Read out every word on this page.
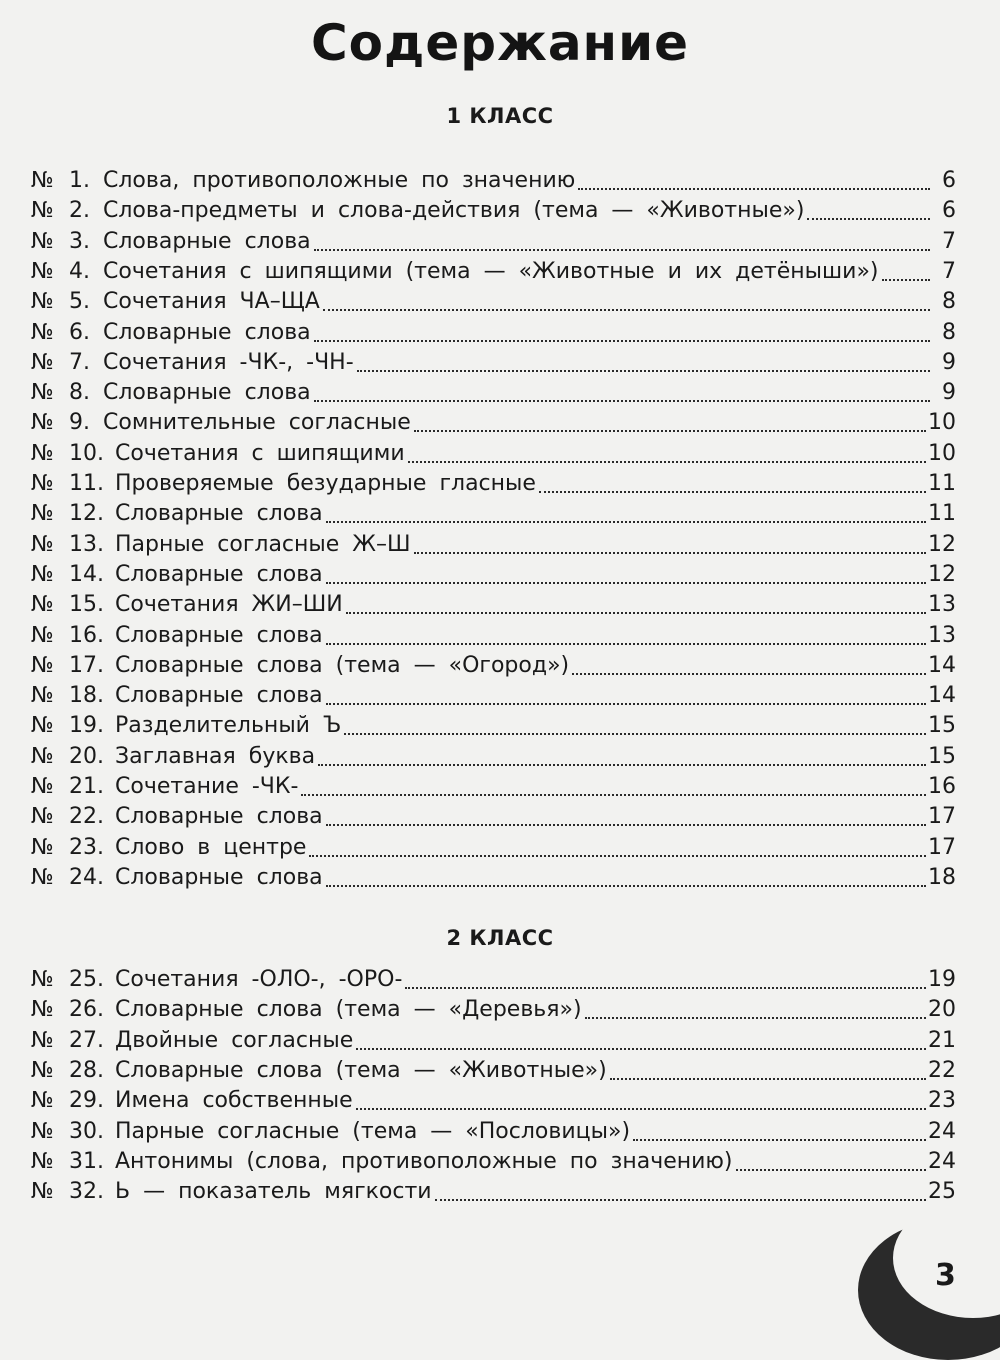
Содержание
1 КЛАСС
№ 1. Слова, противоположные по значению	6
№ 2. Слова-предметы и слова-действия (тема — «Животные»)	6
№ 3. Словарные слова	7
№ 4. Сочетания с шипящими (тема — «Животные и их детёныши»)	7
№ 5. Сочетания ЧА–ЩА	8
№ 6. Словарные слова	8
№ 7. Сочетания -ЧК-, -ЧН-	9
№ 8. Словарные слова	9
№ 9. Сомнительные согласные	10
№ 10. Сочетания с шипящими	10
№ 11. Проверяемые безударные гласные	11
№ 12. Словарные слова	11
№ 13. Парные согласные Ж–Ш	12
№ 14. Словарные слова	12
№ 15. Сочетания ЖИ–ШИ	13
№ 16. Словарные слова	13
№ 17. Словарные слова (тема — «Огород»)	14
№ 18. Словарные слова	14
№ 19. Разделительный Ъ	15
№ 20. Заглавная буква	15
№ 21. Сочетание -ЧК-	16
№ 22. Словарные слова	17
№ 23. Слово в центре	17
№ 24. Словарные слова	18
2 КЛАСС
№ 25. Сочетания -ОЛО-, -ОРО-	19
№ 26. Словарные слова (тема — «Деревья»)	20
№ 27. Двойные согласные	21
№ 28. Словарные слова (тема — «Животные»)	22
№ 29. Имена собственные	23
№ 30. Парные согласные (тема — «Пословицы»)	24
№ 31. Антонимы (слова, противоположные по значению)	24
№ 32. Ь — показатель мягкости	25
3
